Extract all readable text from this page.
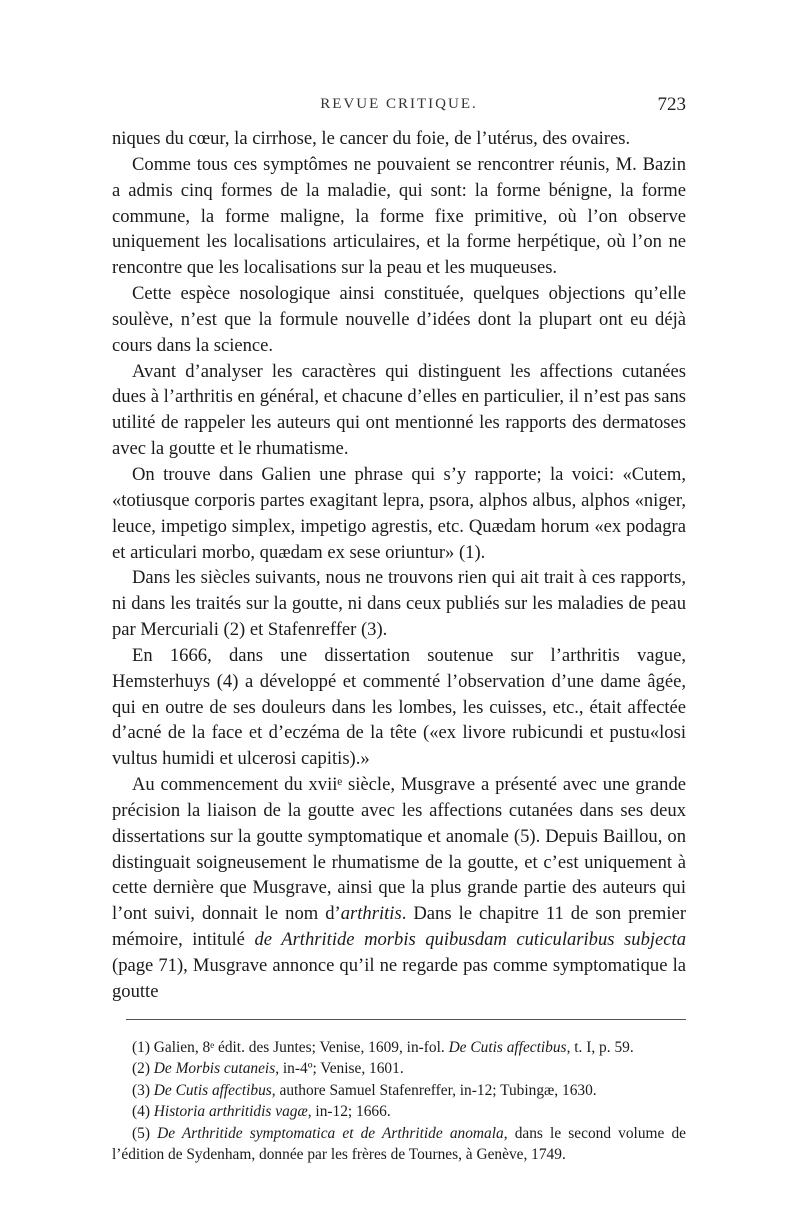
REVUE CRITIQUE.	723

niques du cœur, la cirrhose, le cancer du foie, de l’utérus, des ovaires.

Comme tous ces symptômes ne pouvaient se rencontrer réunis, M. Bazin a admis cinq formes de la maladie, qui sont: la forme bénigne, la forme commune, la forme maligne, la forme fixe primitive, où l’on observe uniquement les localisations articulaires, et la forme herpétique, où l’on ne rencontre que les localisations sur la peau et les muqueuses.

Cette espèce nosologique ainsi constituée, quelques objections qu’elle soulève, n’est que la formule nouvelle d’idées dont la plupart ont eu déjà cours dans la science.

Avant d’analyser les caractères qui distinguent les affections cutanées dues à l’arthritis en général, et chacune d’elles en particulier, il n’est pas sans utilité de rappeler les auteurs qui ont mentionné les rapports des dermatoses avec la goutte et le rhumatisme.

On trouve dans Galien une phrase qui s’y rapporte; la voici: «Cutem, «totiusque corporis partes exagitant lepra, psora, alphos albus, alphos «niger, leuce, impetigo simplex, impetigo agrestis, etc. Quædam horum «ex podagra et articulari morbo, quædam ex sese oriuntur» (1).

Dans les siècles suivants, nous ne trouvons rien qui ait trait à ces rapports, ni dans les traités sur la goutte, ni dans ceux publiés sur les maladies de peau par Mercuriali (2) et Stafenreffer (3).

En 1666, dans une dissertation soutenue sur l’arthritis vague, Hemsterhuys (4) a développé et commenté l’observation d’une dame âgée, qui en outre de ses douleurs dans les lombes, les cuisses, etc., était affectée d’acné de la face et d’eczéma de la tête («ex livore rubicundi et pustu«losi vultus humidi et ulcerosi capitis).»

Au commencement du xviiᵉ siècle, Musgrave a présenté avec une grande précision la liaison de la goutte avec les affections cutanées dans ses deux dissertations sur la goutte symptomatique et anomale (5). Depuis Baillou, on distinguait soigneusement le rhumatisme de la goutte, et c’est uniquement à cette dernière que Musgrave, ainsi que la plus grande partie des auteurs qui l’ont suivi, donnait le nom d’arthritis. Dans le chapitre 11 de son premier mémoire, intitulé de Arthritide morbis quibusdam cuticularibus subjecta (page 71), Musgrave annonce qu’il ne regarde pas comme symptomatique la goutte

(1) Galien, 8ᵉ édit. des Juntes; Venise, 1609, in-fol. De Cutis affectibus, t. I, p. 59.

(2) De Morbis cutaneis, in-4º; Venise, 1601.

(3) De Cutis affectibus, authore Samuel Stafenreffer, in-12; Tubingæ, 1630.

(4) Historia arthritidis vagæ, in-12; 1666.

(5) De Arthritide symptomatica et de Arthritide anomala, dans le second volume de l’édition de Sydenham, donnée par les frères de Tournes, à Genève, 1749.
